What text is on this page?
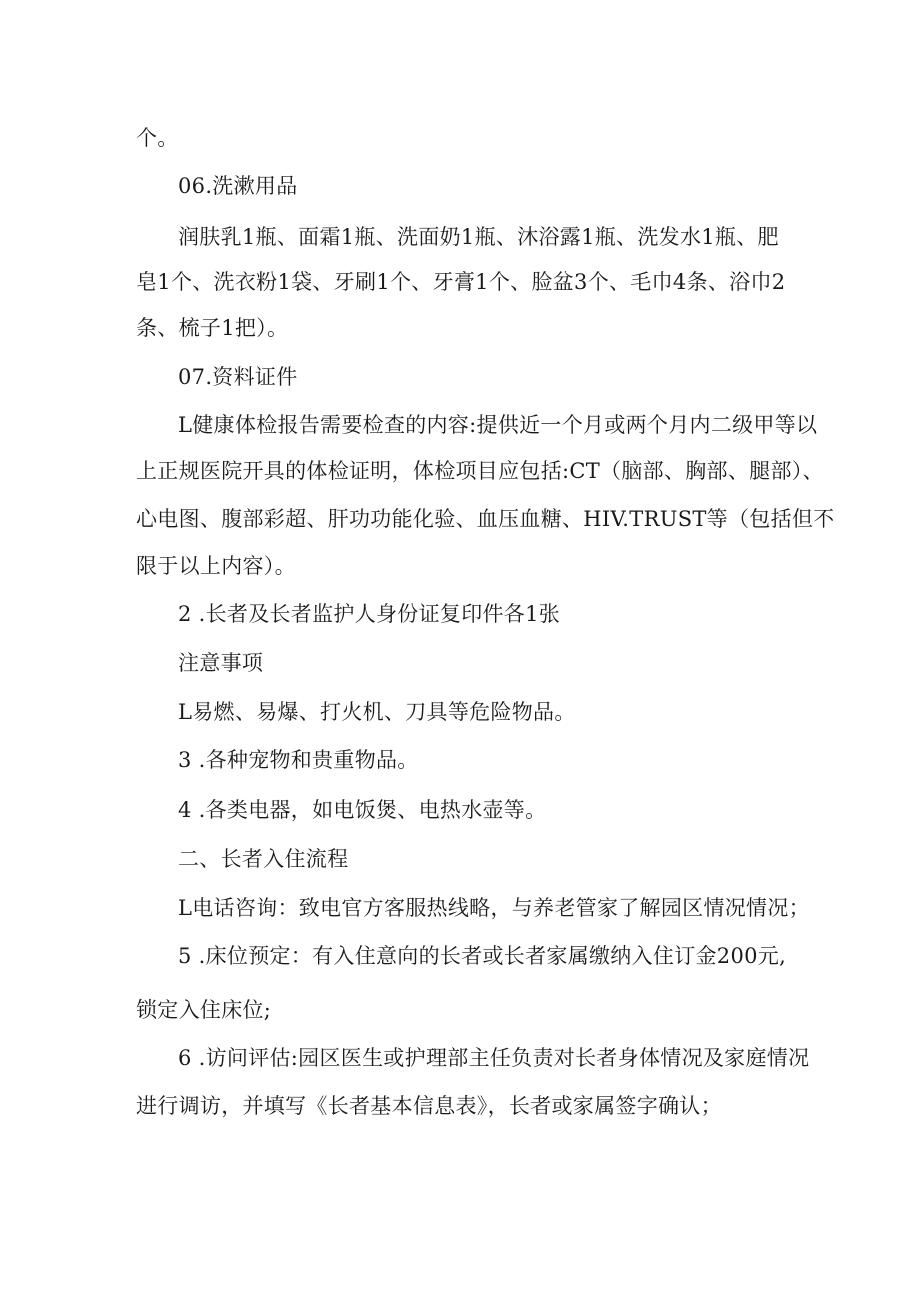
个。
06.洗漱用品
润肤乳1瓶、面霜1瓶、洗面奶1瓶、沐浴露1瓶、洗发水1瓶、肥
皂1个、洗衣粉1袋、牙刷1个、牙膏1个、脸盆3个、毛巾4条、浴巾2
条、梳子1把）。
07.资料证件
L健康体检报告需要检查的内容:提供近一个月或两个月内二级甲等以
上正规医院开具的体检证明，体检项目应包括:CT（脑部、胸部、腿部）、
心电图、腹部彩超、肝功功能化验、血压血糖、HIV.TRUST等（包括但不
限于以上内容）。
2 .长者及长者监护人身份证复印件各1张
注意事项
L易燃、易爆、打火机、刀具等危险物品。
3 .各种宠物和贵重物品。
4 .各类电器，如电饭煲、电热水壶等。
二、长者入住流程
L电话咨询：致电官方客服热线略，与养老管家了解园区情况情况；
5 .床位预定：有入住意向的长者或长者家属缴纳入住订金200元,
锁定入住床位;
6 .访问评估:园区医生或护理部主任负责对长者身体情况及家庭情况
进行调访，并填写《长者基本信息表》，长者或家属签字确认；
